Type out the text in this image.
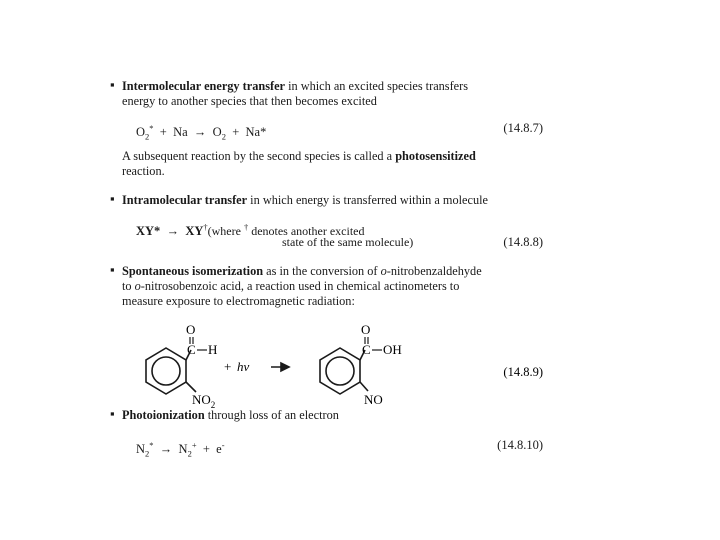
▪ Intermolecular energy transfer in which an excited species transfers
energy to another species that then becomes excited
$O_2^* + Na \to O_2 + Na*$	(14.8.7)
A subsequent reaction by the second species is called a photosensitized
reaction.
▪ Intramolecular transfer in which energy is transferred within a molecule
XY* → XY†(where † denotes another excited
state of the same molecule)	(14.8.8)
▪ Spontaneous isomerization as in the conversion of o-nitrobenzaldehyde
to o-nitrosobenzoic acid, a reaction used in chemical actinometers to
measure exposure to electromagnetic radiation:
O
C H
$NO_2$
+ hν
O
C OH
NO
(14.8.9)
▪ Photoionization through loss of an electron
$N_2^* \to N_2^+ + e^-$	(14.8.10)
